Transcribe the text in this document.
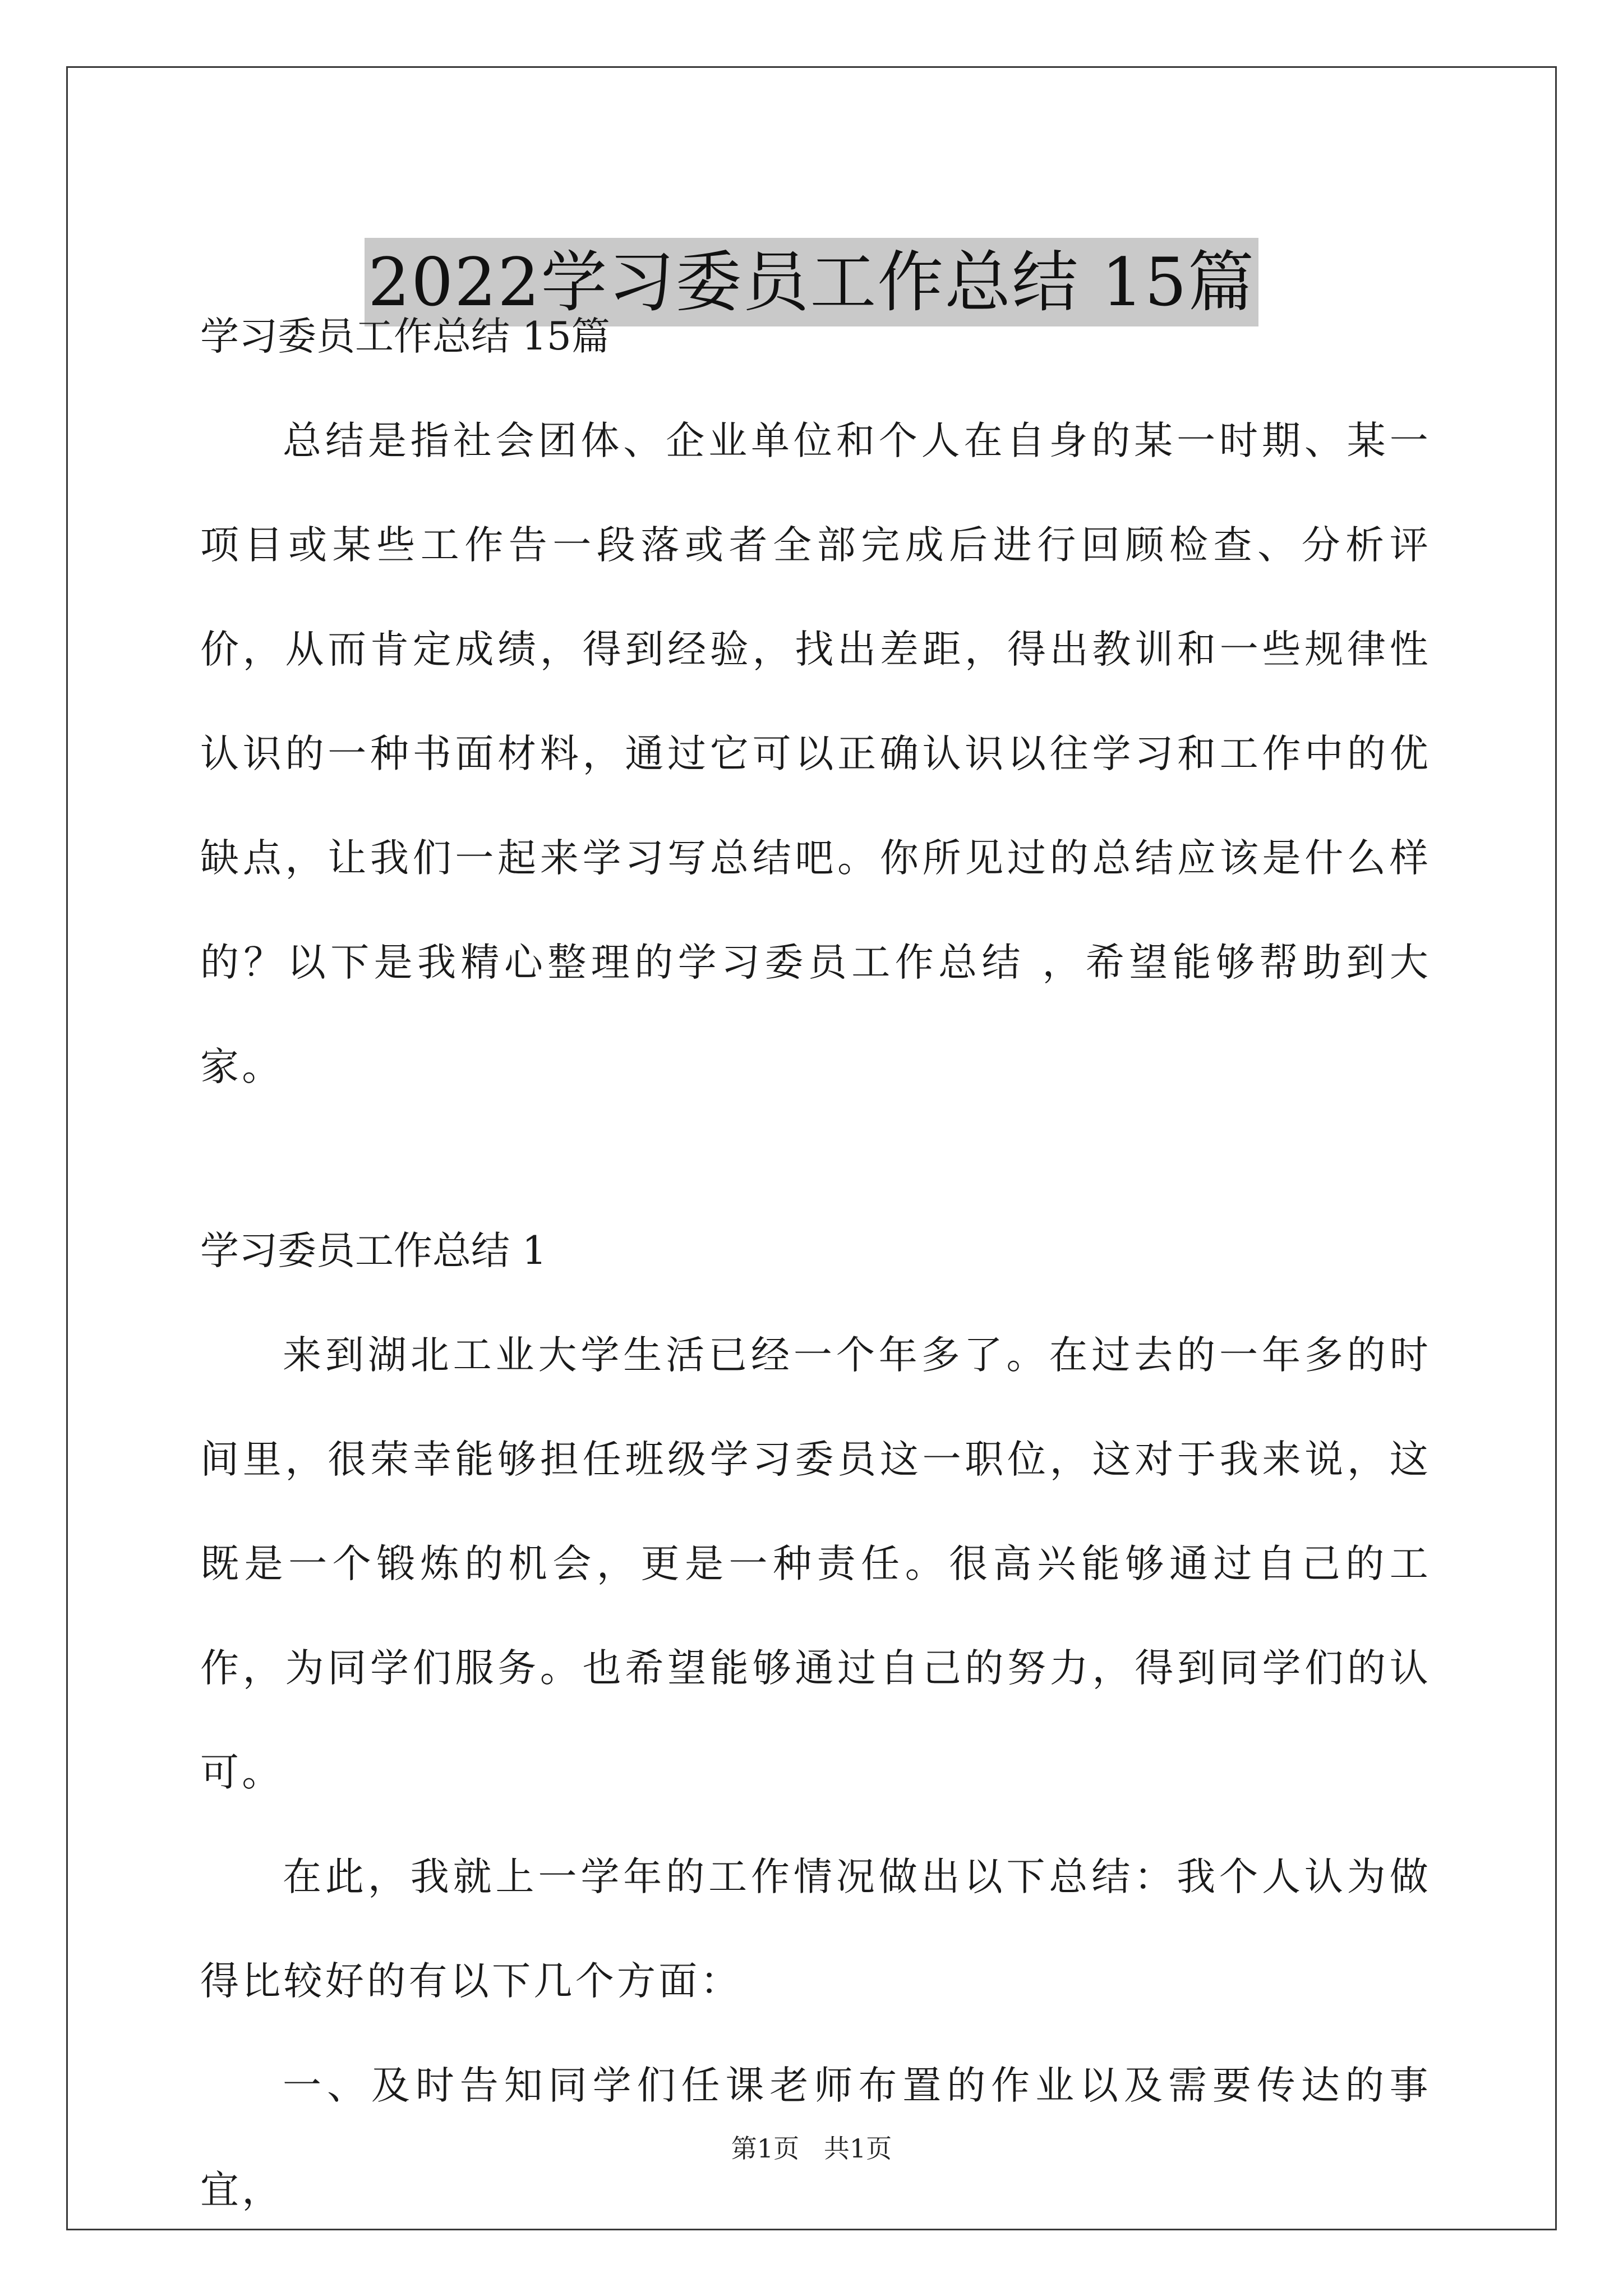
2022学习委员工作总结 15篇

学习委员工作总结 15篇

总结是指社会团体、企业单位和个人在自身的某一时期、某一项目或某些工作告一段落或者全部完成后进行回顾检查、分析评价，从而肯定成绩，得到经验，找出差距，得出教训和一些规律性认识的一种书面材料，通过它可以正确认识以往学习和工作中的优缺点，让我们一起来学习写总结吧。你所见过的总结应该是什么样的？以下是我精心整理的学习委员工作总结 ，希望能够帮助到大家。

学习委员工作总结 1

来到湖北工业大学生活已经一个年多了。在过去的一年多的时间里，很荣幸能够担任班级学习委员这一职位，这对于我来说，这既是一个锻炼的机会，更是一种责任。很高兴能够通过自己的工作，为同学们服务。也希望能够通过自己的努力，得到同学们的认可。

在此，我就上一学年的工作情况做出以下总结：我个人认为做得比较好的有以下几个方面：

一、及时告知同学们任课老师布置的作业以及需要传达的事宜，

第1页   共1页
